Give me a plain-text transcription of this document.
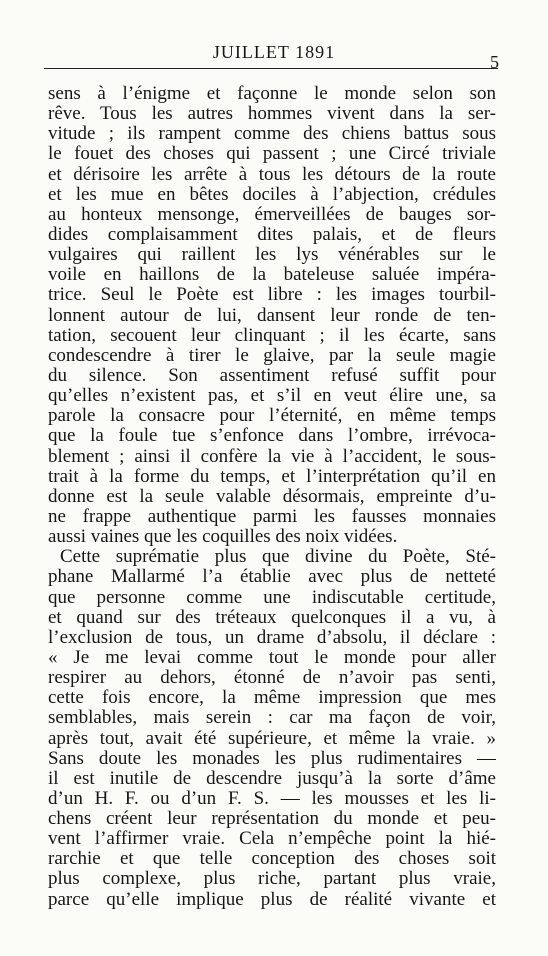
JUILLET 1891	5
sens à l’énigme et façonne le monde selon son
rêve. Tous les autres hommes vivent dans la ser-
vitude ; ils rampent comme des chiens battus sous
le fouet des choses qui passent ; une Circé triviale
et dérisoire les arrête à tous les détours de la route
et les mue en bêtes dociles à l’abjection, crédules
au honteux mensonge, émerveillées de bauges sor-
dides complaisamment dites palais, et de fleurs
vulgaires qui raillent les lys vénérables sur le
voile en haillons de la bateleuse saluée impéra-
trice. Seul le Poète est libre : les images tourbil-
lonnent autour de lui, dansent leur ronde de ten-
tation, secouent leur clinquant ; il les écarte, sans
condescendre à tirer le glaive, par la seule magie
du silence. Son assentiment refusé suffit pour
qu’elles n’existent pas, et s’il en veut élire une, sa
parole la consacre pour l’éternité, en même temps
que la foule tue s’enfonce dans l’ombre, irrévoca-
blement ; ainsi il confère la vie à l’accident, le sous-
trait à la forme du temps, et l’interprétation qu’il en
donne est la seule valable désormais, empreinte d’u-
ne frappe authentique parmi les fausses monnaies
aussi vaines que les coquilles des noix vidées.
Cette suprématie plus que divine du Poète, Sté-
phane Mallarmé l’a établie avec plus de netteté
que personne comme une indiscutable certitude,
et quand sur des tréteaux quelconques il a vu, à
l’exclusion de tous, un drame d’absolu, il déclare :
« Je me levai comme tout le monde pour aller
respirer au dehors, étonné de n’avoir pas senti,
cette fois encore, la même impression que mes
semblables, mais serein : car ma façon de voir,
après tout, avait été supérieure, et même la vraie. »
Sans doute les monades les plus rudimentaires —
il est inutile de descendre jusqu’à la sorte d’âme
d’un H. F. ou d’un F. S. — les mousses et les li-
chens créent leur représentation du monde et peu-
vent l’affirmer vraie. Cela n’empêche point la hié-
rarchie et que telle conception des choses soit
plus complexe, plus riche, partant plus vraie,
parce qu’elle implique plus de réalité vivante et
